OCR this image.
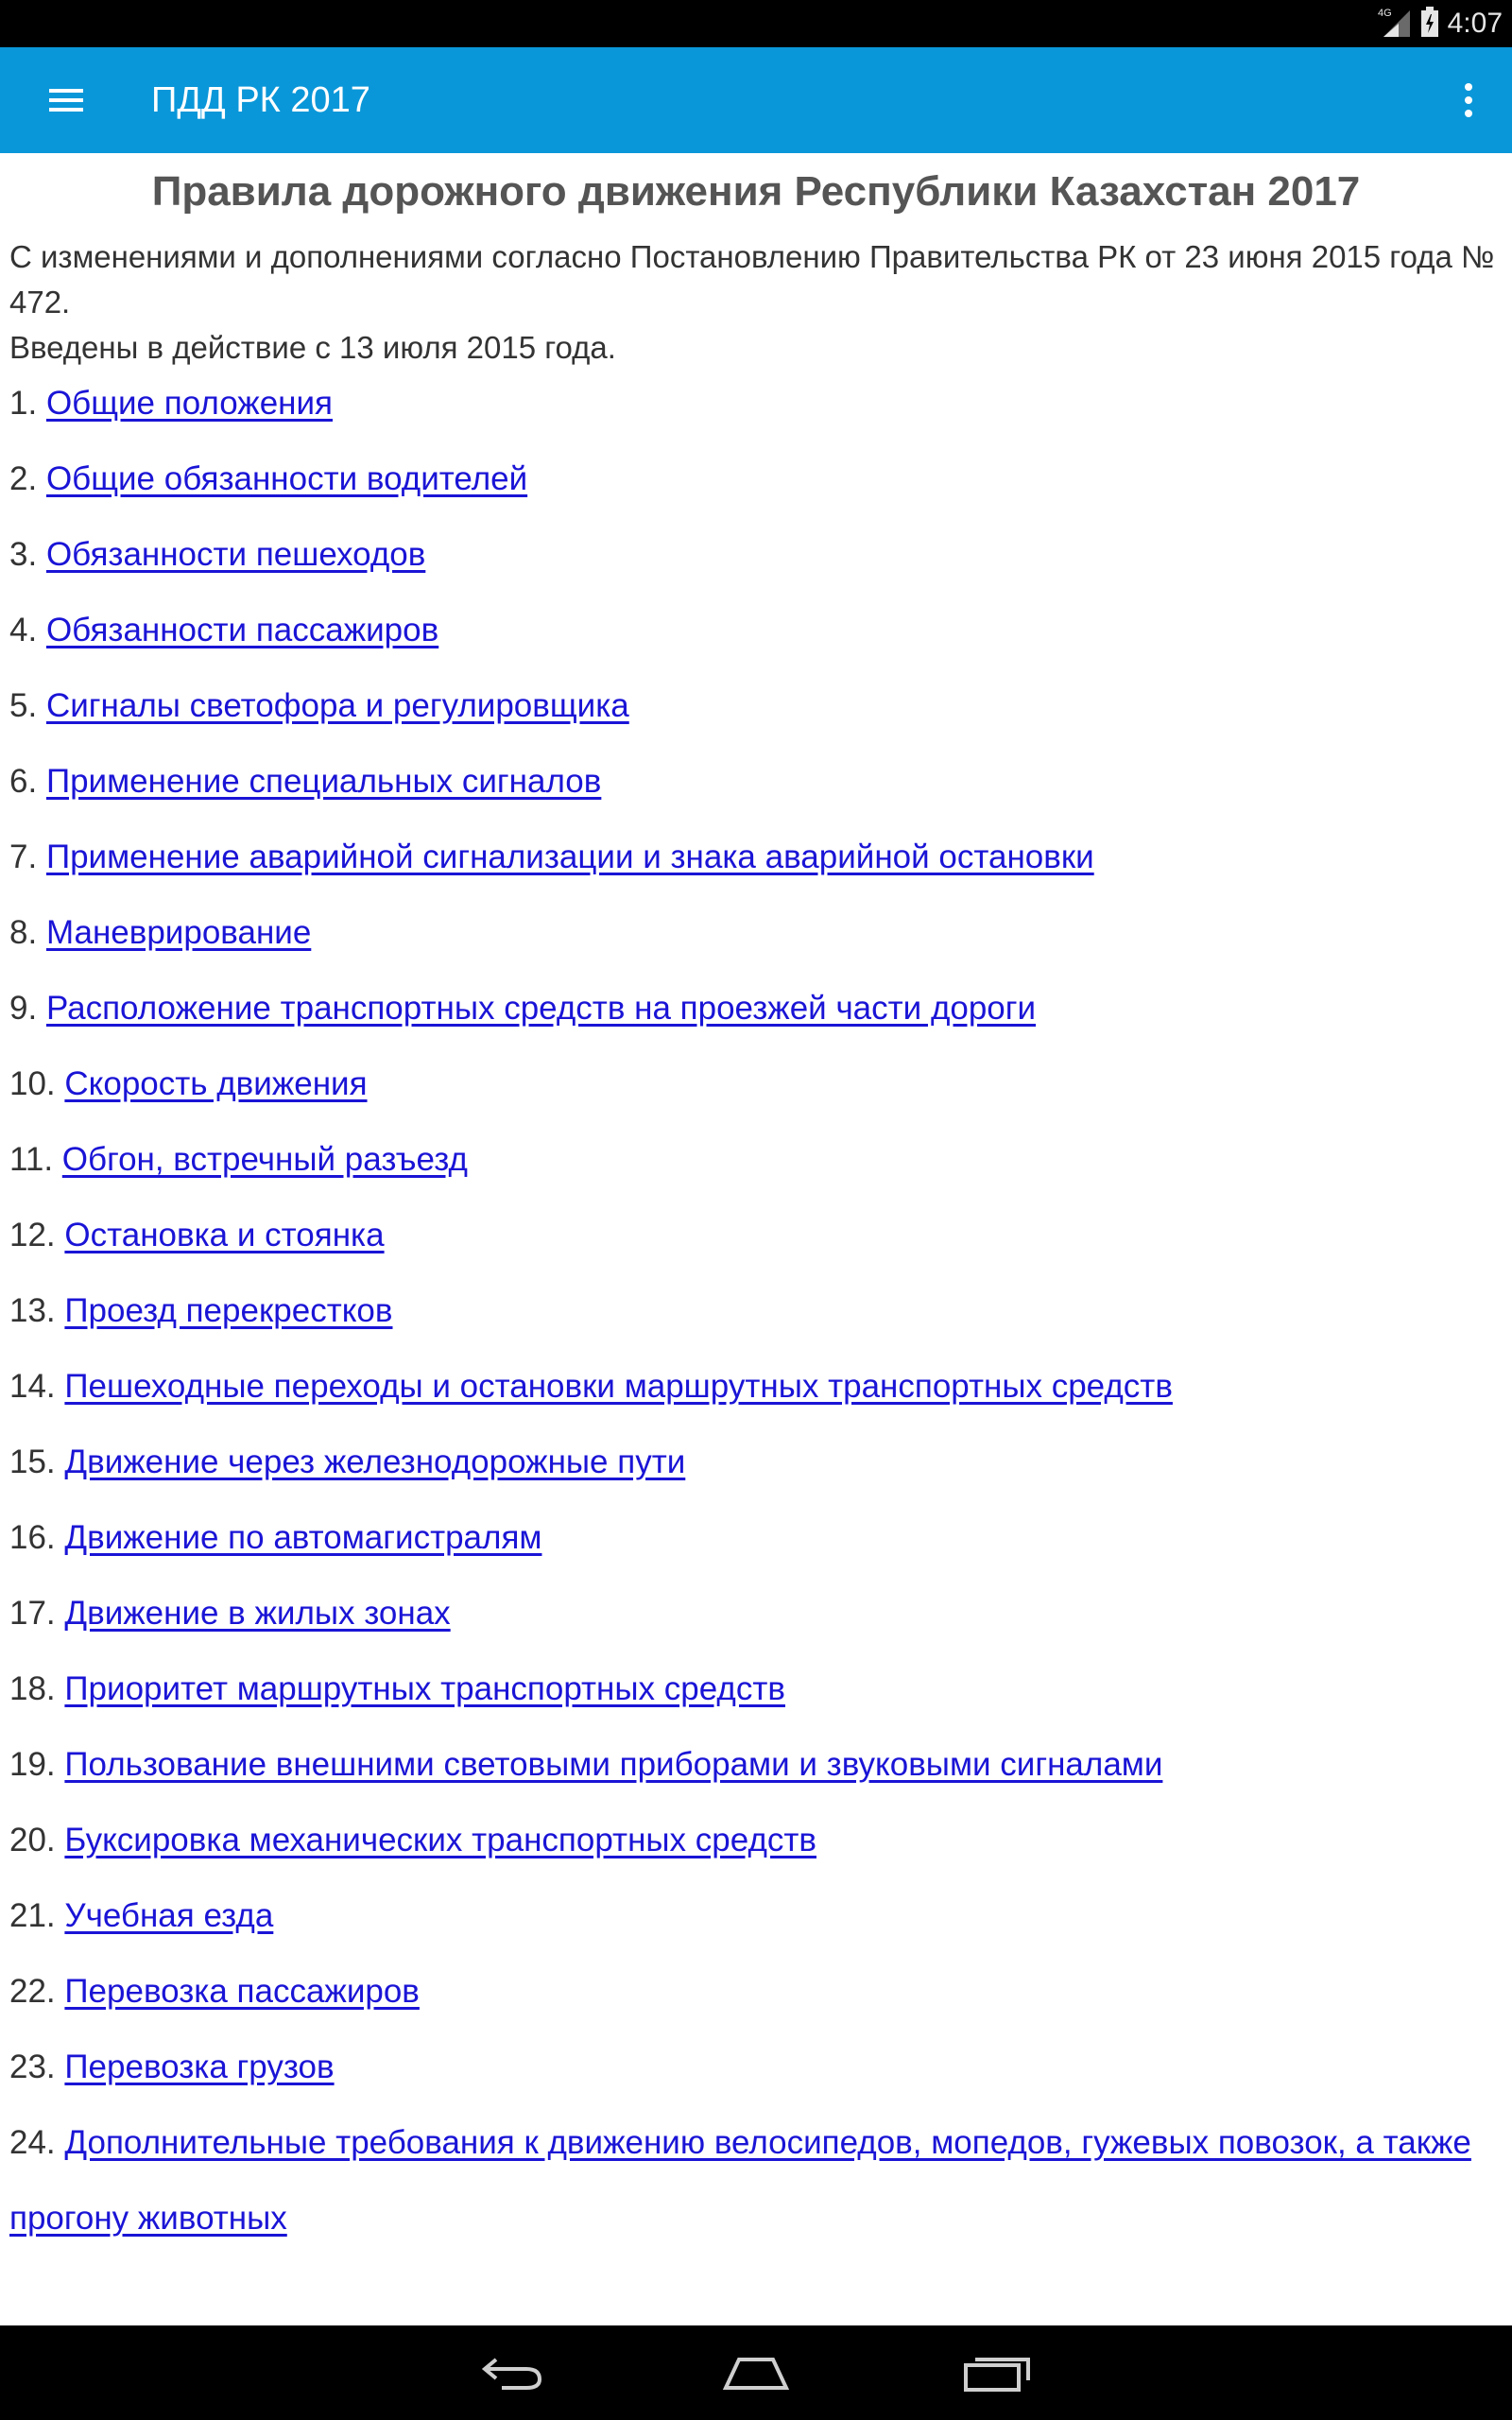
4G 4:07
ПДД РК 2017
Правила дорожного движения Республики Казахстан 2017
С изменениями и дополнениями согласно Постановлению Правительства РК от 23 июня 2015 года № 472.
Введены в действие с 13 июля 2015 года.
1. Общие положения
2. Общие обязанности водителей
3. Обязанности пешеходов
4. Обязанности пассажиров
5. Сигналы светофора и регулировщика
6. Применение специальных сигналов
7. Применение аварийной сигнализации и знака аварийной остановки
8. Маневрирование
9. Расположение транспортных средств на проезжей части дороги
10. Скорость движения
11. Обгон, встречный разъезд
12. Остановка и стоянка
13. Проезд перекрестков
14. Пешеходные переходы и остановки маршрутных транспортных средств
15. Движение через железнодорожные пути
16. Движение по автомагистралям
17. Движение в жилых зонах
18. Приоритет маршрутных транспортных средств
19. Пользование внешними световыми приборами и звуковыми сигналами
20. Буксировка механических транспортных средств
21. Учебная езда
22. Перевозка пассажиров
23. Перевозка грузов
24. Дополнительные требования к движению велосипедов, мопедов, гужевых повозок, а также прогону животных
